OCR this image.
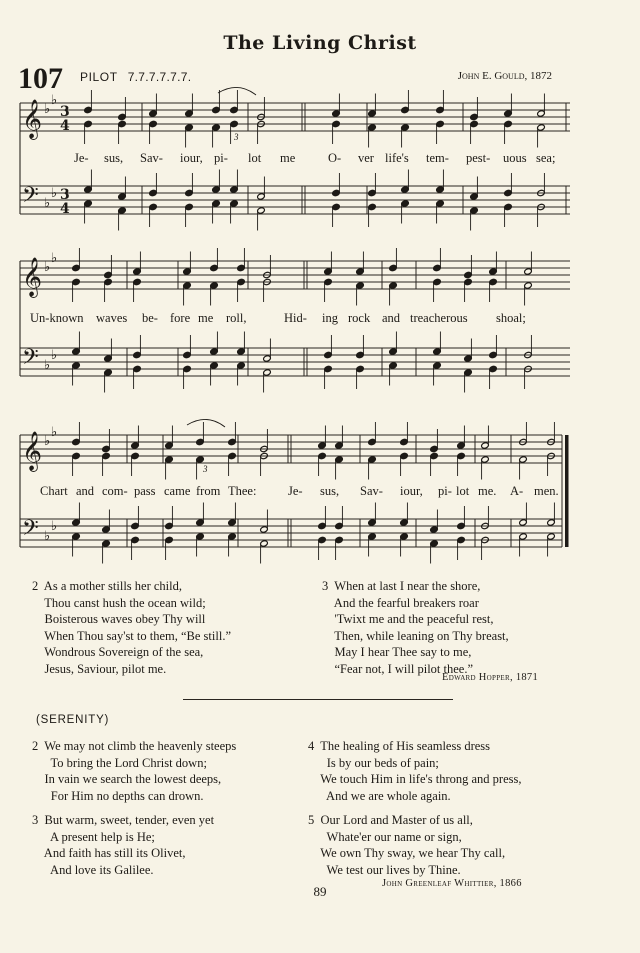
The Living Christ
107 PILOT 7.7.7.7.7.7.	John E. Gould, 1872
𝄞
𝄢
♭
♭
♭
♭
3
4
3
4
3
𝄞
𝄢
♭
♭
♭
♭
𝄞
𝄢
♭
♭
♭
♭
3
Je- sus, Sav- iour, pi- lot me	O- ver life's tem- pest- uous sea;
Un-known waves be- fore me roll,	Hid- ing rock and treacherous shoal;
Chart and com- pass came from Thee:	Je- sus, Sav- iour, pi- lot me. A- men.
2  As a mother stills her child,
Thou canst hush the ocean wild;
Boisterous waves obey Thy will
When Thou say'st to them, “Be still.”
Wondrous Sovereign of the sea,
Jesus, Saviour, pilot me.
3  When at last I near the shore,
And the fearful breakers roar
'Twixt me and the peaceful rest,
Then, while leaning on Thy breast,
May I hear Thee say to me,
“Fear not, I will pilot thee.”
Edward Hopper, 1871
(SERENITY)
2  We may not climb the heavenly steeps
To bring the Lord Christ down;
In vain we search the lowest deeps,
For Him no depths can drown.
3  But warm, sweet, tender, even yet
A present help is He;
And faith has still its Olivet,
And love its Galilee.
4  The healing of His seamless dress
Is by our beds of pain;
We touch Him in life's throng and press,
And we are whole again.
5  Our Lord and Master of us all,
Whate'er our name or sign,
We own Thy sway, we hear Thy call,
We test our lives by Thine.
John Greenleaf Whittier, 1866
89
